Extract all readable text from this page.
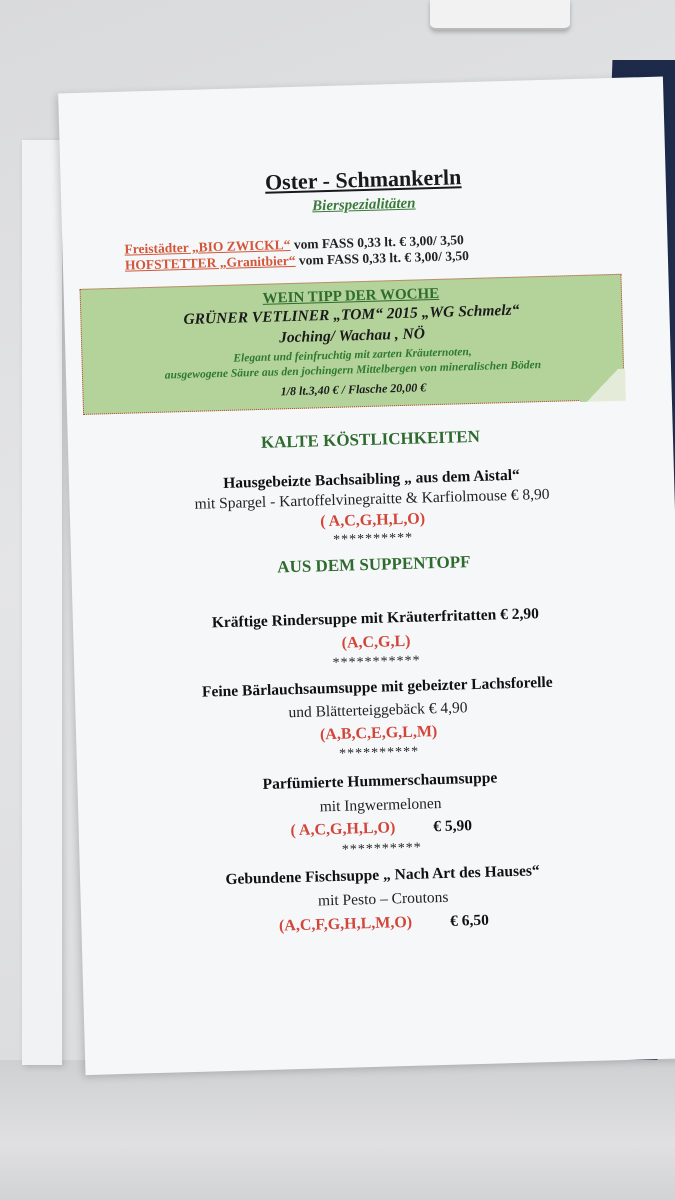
Oster - Schmankerln
Bierspezialitäten
Freistädter „BIO ZWICKL“ vom FASS 0,33 lt. € 3,00/ 3,50
HOFSTETTER „Granitbier“ vom FASS 0,33 lt. € 3,00/ 3,50
WEIN TIPP DER WOCHE
GRÜNER VETLINER „TOM“ 2015 „WG Schmelz“
Joching/ Wachau , NÖ
Elegant und feinfruchtig mit zarten Kräuternoten,
ausgewogene Säure aus den jochingern Mittelbergen von mineralischen Böden
1/8 lt.3,40 € / Flasche 20,00 €
KALTE KÖSTLICHKEITEN
Hausgebeizte Bachsaibling „ aus dem Aistal“
mit Spargel - Kartoffelvinegraitte & Karfiolmouse € 8,90
( A,C,G,H,L,O)
**********
AUS DEM SUPPENTOPF
Kräftige Rindersuppe mit Kräuterfritatten € 2,90
(A,C,G,L)
***********
Feine Bärlauchsaumsuppe mit gebeizter Lachsforelle
und Blätterteiggebäck € 4,90
(A,B,C,E,G,L,M)
**********
Parfümierte Hummerschaumsuppe
mit Ingwermelonen
( A,C,G,H,L,O) € 5,90
**********
Gebundene Fischsuppe „ Nach Art des Hauses“
mit Pesto – Croutons
(A,C,F,G,H,L,M,O) € 6,50
